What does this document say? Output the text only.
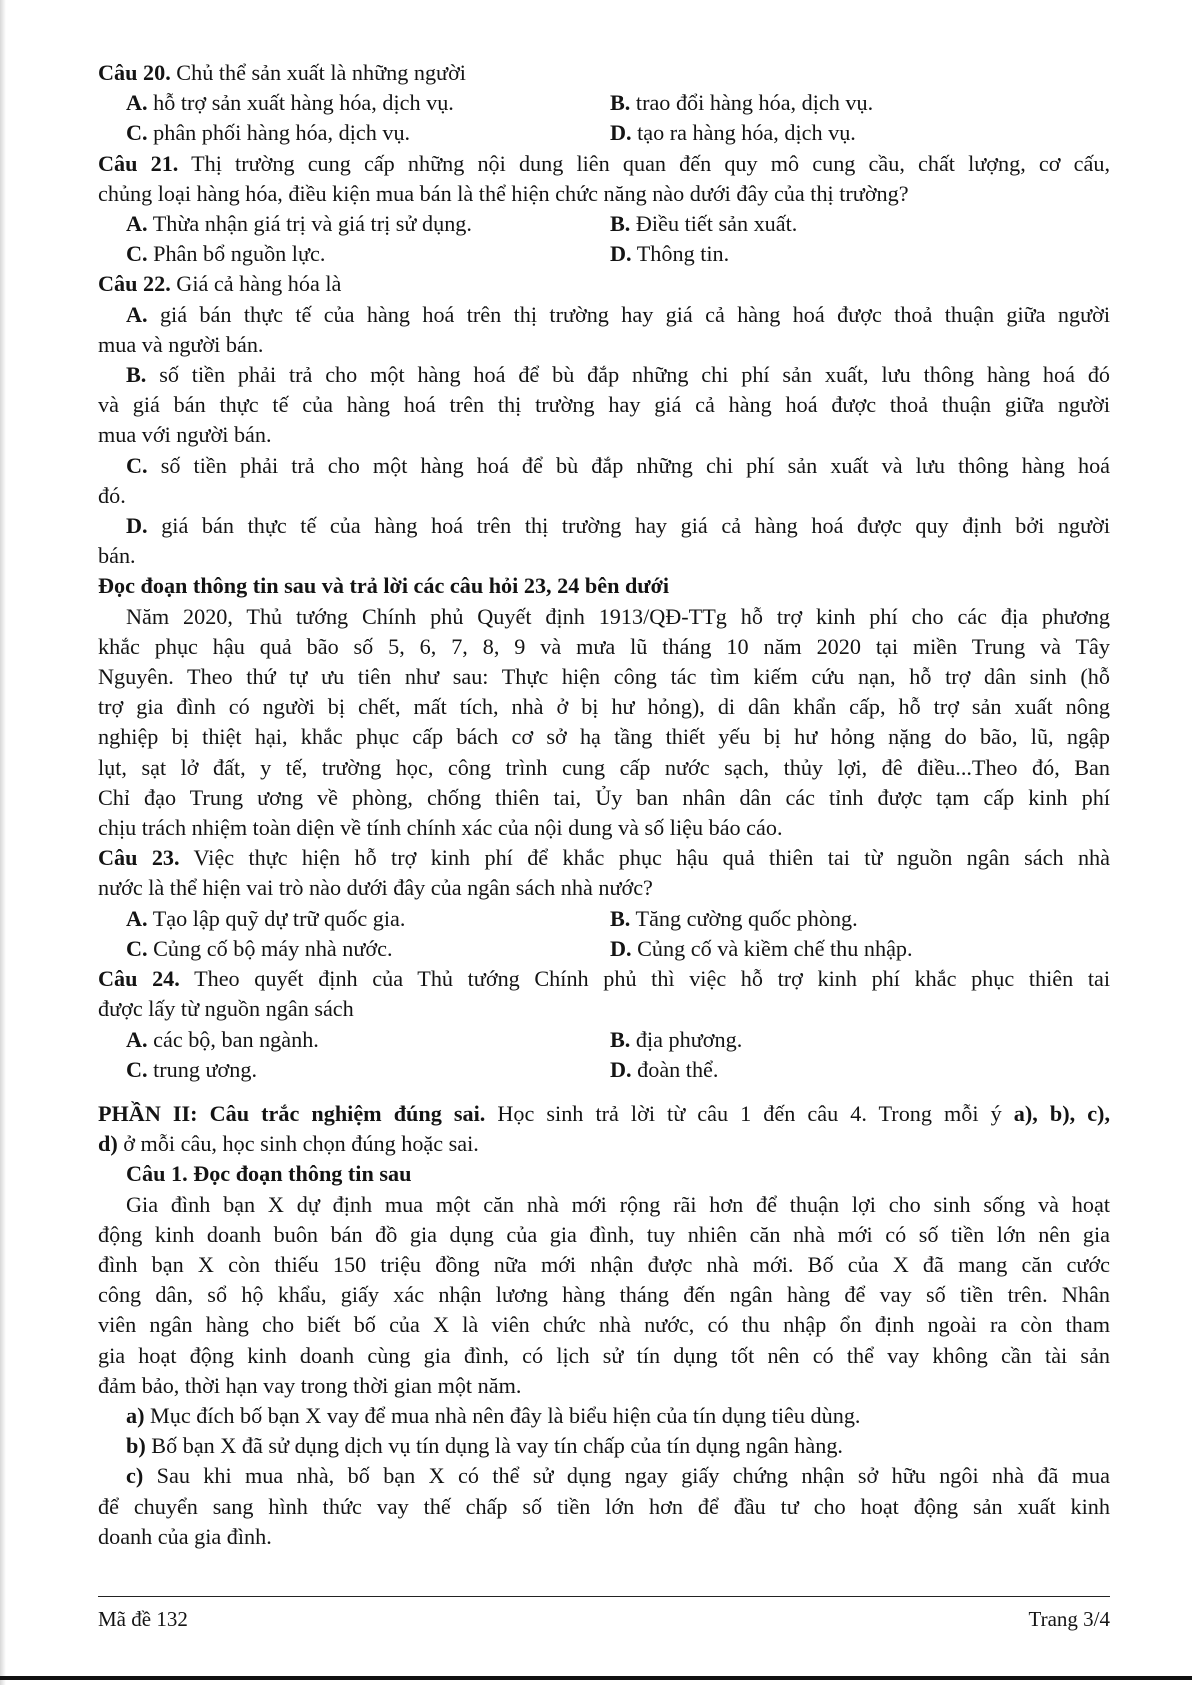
Câu 20. Chủ thể sản xuất là những người
A. hỗ trợ sản xuất hàng hóa, dịch vụ.	B. trao đổi hàng hóa, dịch vụ.
C. phân phối hàng hóa, dịch vụ.	D. tạo ra hàng hóa, dịch vụ.
Câu 21. Thị trường cung cấp những nội dung liên quan đến quy mô cung cầu, chất lượng, cơ cấu,
chủng loại hàng hóa, điều kiện mua bán là thể hiện chức năng nào dưới đây của thị trường?
A. Thừa nhận giá trị và giá trị sử dụng.	B. Điều tiết sản xuất.
C. Phân bổ nguồn lực.	D. Thông tin.
Câu 22. Giá cả hàng hóa là
A. giá bán thực tế của hàng hoá trên thị trường hay giá cả hàng hoá được thoả thuận giữa người
mua và người bán.
B. số tiền phải trả cho một hàng hoá để bù đắp những chi phí sản xuất, lưu thông hàng hoá đó
và giá bán thực tế của hàng hoá trên thị trường hay giá cả hàng hoá được thoả thuận giữa người
mua với người bán.
C. số tiền phải trả cho một hàng hoá để bù đắp những chi phí sản xuất và lưu thông hàng hoá
đó.
D. giá bán thực tế của hàng hoá trên thị trường hay giá cả hàng hoá được quy định bởi người
bán.
Đọc đoạn thông tin sau và trả lời các câu hỏi 23, 24 bên dưới
Năm 2020, Thủ tướng Chính phủ Quyết định 1913/QĐ-TTg hỗ trợ kinh phí cho các địa phương
khắc phục hậu quả bão số 5, 6, 7, 8, 9 và mưa lũ tháng 10 năm 2020 tại miền Trung và Tây
Nguyên. Theo thứ tự ưu tiên như sau: Thực hiện công tác tìm kiếm cứu nạn, hỗ trợ dân sinh (hỗ
trợ gia đình có người bị chết, mất tích, nhà ở bị hư hỏng), di dân khẩn cấp, hỗ trợ sản xuất nông
nghiệp bị thiệt hại, khắc phục cấp bách cơ sở hạ tầng thiết yếu bị hư hỏng nặng do bão, lũ, ngập
lụt, sạt lở đất, y tế, trường học, công trình cung cấp nước sạch, thủy lợi, đê điều...Theo đó, Ban
Chỉ đạo Trung ương về phòng, chống thiên tai, Ủy ban nhân dân các tỉnh được tạm cấp kinh phí
chịu trách nhiệm toàn diện về tính chính xác của nội dung và số liệu báo cáo.
Câu 23. Việc thực hiện hỗ trợ kinh phí để khắc phục hậu quả thiên tai từ nguồn ngân sách nhà
nước là thể hiện vai trò nào dưới đây của ngân sách nhà nước?
A. Tạo lập quỹ dự trữ quốc gia.	B. Tăng cường quốc phòng.
C. Củng cố bộ máy nhà nước.	D. Củng cố và kiềm chế thu nhập.
Câu 24. Theo quyết định của Thủ tướng Chính phủ thì việc hỗ trợ kinh phí khắc phục thiên tai
được lấy từ nguồn ngân sách
A. các bộ, ban ngành.	B. địa phương.
C. trung ương.	D. đoàn thể.
PHẦN II: Câu trắc nghiệm đúng sai. Học sinh trả lời từ câu 1 đến câu 4. Trong mỗi ý a), b), c),
d) ở mỗi câu, học sinh chọn đúng hoặc sai.
Câu 1. Đọc đoạn thông tin sau
Gia đình bạn X dự định mua một căn nhà mới rộng rãi hơn để thuận lợi cho sinh sống và hoạt
động kinh doanh buôn bán đồ gia dụng của gia đình, tuy nhiên căn nhà mới có số tiền lớn nên gia
đình bạn X còn thiếu 150 triệu đồng nữa mới nhận được nhà mới. Bố của X đã mang căn cước
công dân, sổ hộ khẩu, giấy xác nhận lương hàng tháng đến ngân hàng để vay số tiền trên. Nhân
viên ngân hàng cho biết bố của X là viên chức nhà nước, có thu nhập ổn định ngoài ra còn tham
gia hoạt động kinh doanh cùng gia đình, có lịch sử tín dụng tốt nên có thể vay không cần tài sản
đảm bảo, thời hạn vay trong thời gian một năm.
a) Mục đích bố bạn X vay để mua nhà nên đây là biểu hiện của tín dụng tiêu dùng.
b) Bố bạn X đã sử dụng dịch vụ tín dụng là vay tín chấp của tín dụng ngân hàng.
c) Sau khi mua nhà, bố bạn X có thể sử dụng ngay giấy chứng nhận sở hữu ngôi nhà đã mua
để chuyển sang hình thức vay thế chấp số tiền lớn hơn để đầu tư cho hoạt động sản xuất kinh
doanh của gia đình.
Mã đề 132	Trang 3/4
